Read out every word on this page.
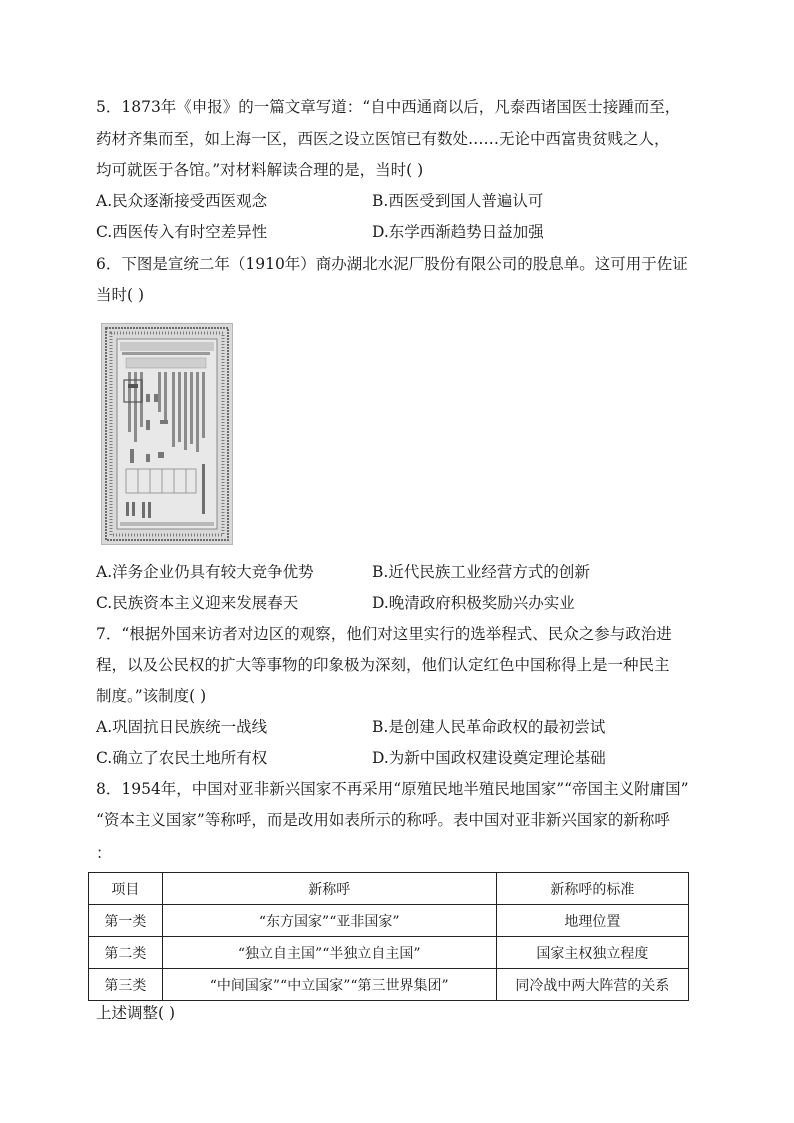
5．1873年《申报》的一篇文章写道：“自中西通商以后，凡泰西诸国医士接踵而至，
药材齐集而至，如上海一区，西医之设立医馆已有数处……无论中西富贵贫贱之人，
均可就医于各馆。”对材料解读合理的是，当时( )
A.民众逐渐接受西医观念	B.西医受到国人普遍认可
C.西医传入有时空差异性	D.东学西渐趋势日益加强
6．下图是宣统二年（1910年）商办湖北水泥厂股份有限公司的股息单。这可用于佐证
当时( )
A.洋务企业仍具有较大竞争优势	B.近代民族工业经营方式的创新
C.民族资本主义迎来发展春天	D.晚清政府积极奖励兴办实业
7．“根据外国来访者对边区的观察，他们对这里实行的选举程式、民众之参与政治进
程，以及公民权的扩大等事物的印象极为深刻，他们认定红色中国称得上是一种民主
制度。”该制度( )
A.巩固抗日民族统一战线	B.是创建人民革命政权的最初尝试
C.确立了农民土地所有权	D.为新中国政权建设奠定理论基础
8．1954年，中国对亚非新兴国家不再采用“原殖民地半殖民地国家”“帝国主义附庸国”
“资本主义国家”等称呼，而是改用如表所示的称呼。表中国对亚非新兴国家的新称呼
：
项目	新称呼	新称呼的标准
第一类	“东方国家”“亚非国家”	地理位置
第二类	“独立自主国”“半独立自主国”	国家主权独立程度
第三类	“中间国家”“中立国家”“第三世界集团”	同冷战中两大阵营的关系
上述调整( )
